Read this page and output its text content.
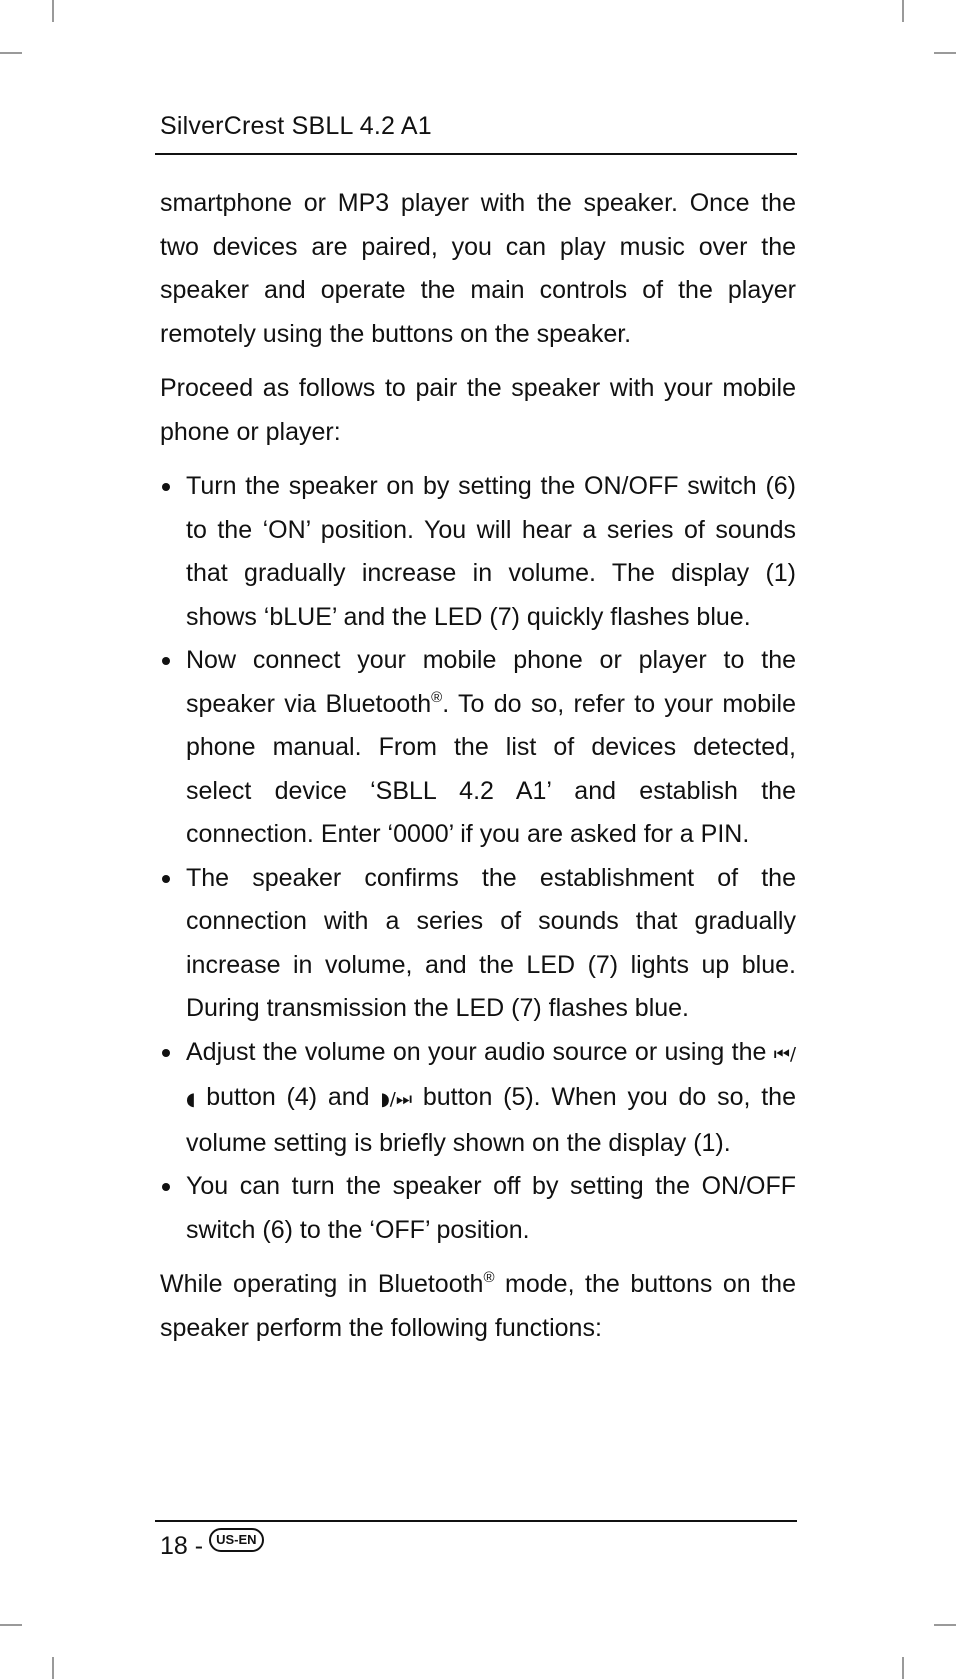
SilverCrest SBLL 4.2 A1

smartphone or MP3 player with the speaker. Once the two devices are paired, you can play music over the speaker and operate the main controls of the player remotely using the buttons on the speaker.

Proceed as follows to pair the speaker with your mobile phone or player:

Turn the speaker on by setting the ON/OFF switch (6) to the ‘ON’ position. You will hear a series of sounds that gradually increase in volume. The display (1) shows ‘bLUE’ and the LED (7) quickly flashes blue.
Now connect your mobile phone or player to the speaker via Bluetooth®. To do so, refer to your mobile phone manual. From the list of devices detected, select device ‘SBLL 4.2 A1’ and establish the connection. Enter ‘0000’ if you are asked for a PIN.
The speaker confirms the establishment of the connection with a series of sounds that gradually increase in volume, and the LED (7) lights up blue. During transmission the LED (7) flashes blue.
Adjust the volume on your audio source or using the ⏮/◖ button (4) and ◗/⏭ button (5). When you do so, the volume setting is briefly shown on the display (1).
You can turn the speaker off by setting the ON/OFF switch (6) to the ‘OFF’ position.

While operating in Bluetooth® mode, the buttons on the speaker perform the following functions:

18 -	US-EN
